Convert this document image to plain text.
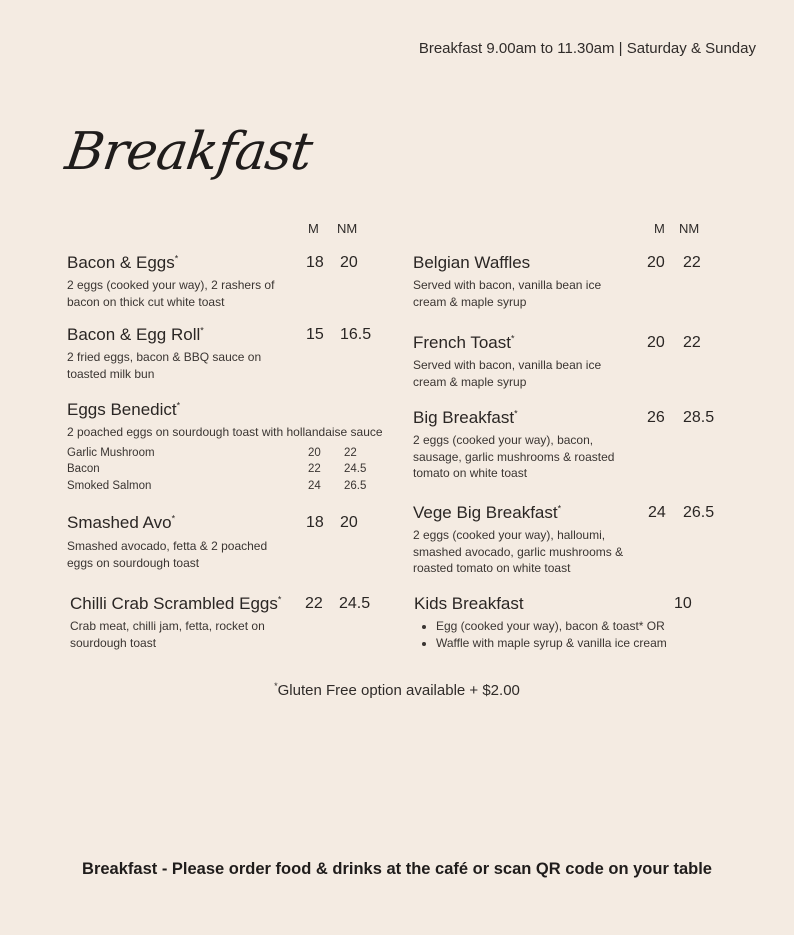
Breakfast 9.00am to 11.30am | Saturday & Sunday
Breakfast
M NM	M NM
Bacon & Eggs*	18 20
2 eggs (cooked your way), 2 rashers of bacon on thick cut white toast
Bacon & Egg Roll*	15 16.5
2 fried eggs, bacon & BBQ sauce on toasted milk bun
Eggs Benedict*
2 poached eggs on sourdough toast with hollandaise sauce
Garlic Mushroom	20 22
Bacon	22 24.5
Smoked Salmon	24 26.5
Smashed Avo*	18 20
Smashed avocado, fetta & 2 poached eggs on sourdough toast
Chilli Crab Scrambled Eggs* 22 24.5
Crab meat, chilli jam, fetta, rocket on sourdough toast
Belgian Waffles	20 22
Served with bacon, vanilla bean ice cream & maple syrup
French Toast*	20 22
Served with bacon, vanilla bean ice cream & maple syrup
Big Breakfast*	26 28.5
2 eggs (cooked your way), bacon, sausage, garlic mushrooms & roasted tomato on white toast
Vege Big Breakfast*	24 26.5
2 eggs (cooked your way), halloumi, smashed avocado, garlic mushrooms & roasted tomato on white toast
Kids Breakfast	10
• Egg (cooked your way), bacon & toast* OR
• Waffle with maple syrup & vanilla ice cream
*Gluten Free option available + $2.00
Breakfast - Please order food & drinks at the café or scan QR code on your table
